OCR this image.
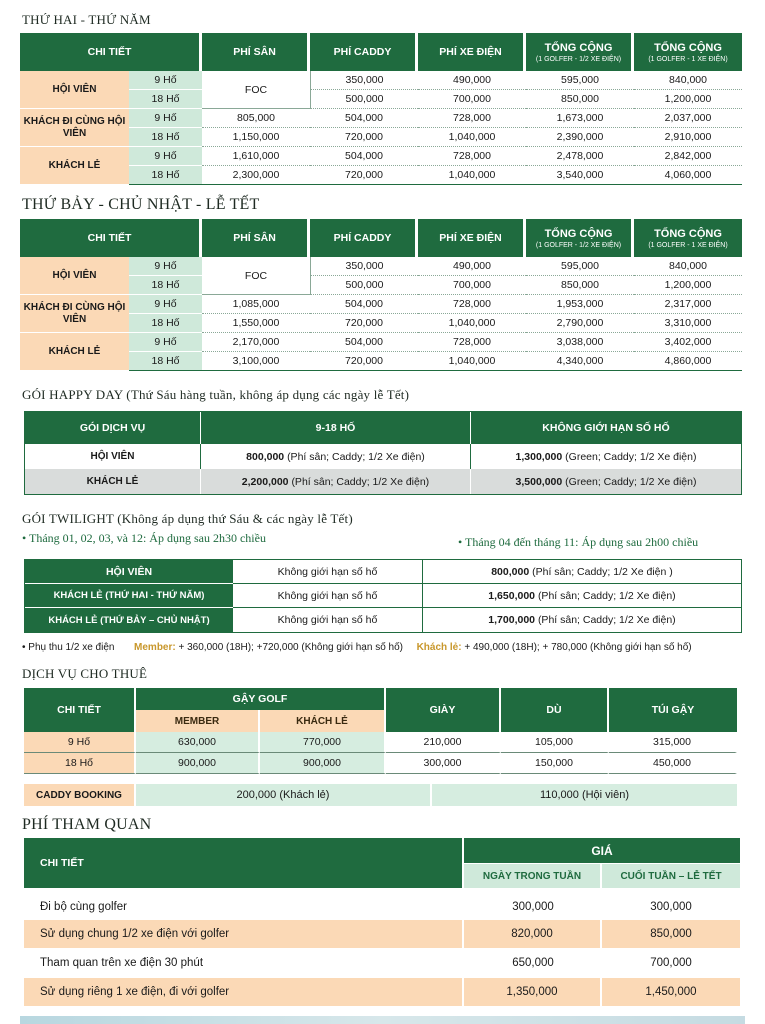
THỨ HAI - THỨ NĂM
CHI TIẾT		PHÍ SÂN	PHÍ CADDY	PHÍ XE ĐIỆN	TỔNG CỘNG
(1 GOLFER - 1/2 XE ĐIỆN)	TỔNG CỘNG
(1 GOLFER - 1 XE ĐIỆN)

HỘI VIÊN	9 Hố	FOC	350,000	490,000	595,000	840,000
	18 Hố		500,000	700,000	850,000	1,200,000
KHÁCH ĐI CÙNG HỘI VIÊN	9 Hố	805,000	504,000	728,000	1,673,000	2,037,000
	18 Hố	1,150,000	720,000	1,040,000	2,390,000	2,910,000
KHÁCH LẺ	9 Hố	1,610,000	504,000	728,000	2,478,000	2,842,000
	18 Hố	2,300,000	720,000	1,040,000	3,540,000	4,060,000
THỨ BẢY - CHỦ NHẬT - LỄ TẾT
CHI TIẾT		PHÍ SÂN	PHÍ CADDY	PHÍ XE ĐIỆN	TỔNG CỘNG
(1 GOLFER - 1/2 XE ĐIỆN)	TỔNG CỘNG
(1 GOLFER - 1 XE ĐIỆN)

HỘI VIÊN	9 Hố	FOC	350,000	490,000	595,000	840,000
	18 Hố		500,000	700,000	850,000	1,200,000
KHÁCH ĐI CÙNG HỘI VIÊN	9 Hố	1,085,000	504,000	728,000	1,953,000	2,317,000
	18 Hố	1,550,000	720,000	1,040,000	2,790,000	3,310,000
KHÁCH LẺ	9 Hố	2,170,000	504,000	728,000	3,038,000	3,402,000
	18 Hố	3,100,000	720,000	1,040,000	4,340,000	4,860,000
GÓI HAPPY DAY (Thứ Sáu hàng tuần, không áp dụng các ngày lễ Tết)
GÓI DỊCH VỤ	9-18 HỐ	KHÔNG GIỚI HẠN SỐ HỐ
HỘI VIÊN	800,000 (Phí sân; Caddy; 1/2 Xe điện)	1,300,000 (Green; Caddy; 1/2 Xe điện)
KHÁCH LẺ	2,200,000 (Phí sân; Caddy; 1/2 Xe điện)	3,500,000 (Green; Caddy; 1/2 Xe điện)
GÓI TWILIGHT (Không áp dụng thứ Sáu & các ngày lễ Tết)
• Tháng 01, 02, 03, và 12: Áp dụng sau 2h30 chiều	• Tháng 04 đến tháng 11: Áp dụng sau 2h00 chiều
HỘI VIÊN	Không giới hạn số hố	800,000 (Phí sân; Caddy; 1/2 Xe điện )
KHÁCH LẺ (THỨ HAI - THỨ NĂM)	Không giới hạn số hố	1,650,000 (Phí sân; Caddy; 1/2 Xe điện)
KHÁCH LẺ (THỨ BẢY – CHỦ NHẬT)	Không giới hạn số hố	1,700,000 (Phí sân; Caddy; 1/2 Xe điện)
• Phụ thu 1/2 xe điện Member: + 360,000 (18H); +720,000 (Không giới hạn số hố) Khách lẻ: + 490,000 (18H); + 780,000 (Không giới hạn số hố)
DỊCH VỤ CHO THUÊ
CHI TIẾT	GẬY GOLF		GIÀY	DÙ	TÚI GẬY
	MEMBER	KHÁCH LẺ			
9 Hố	630,000	770,000	210,000	105,000	315,000
18 Hố	900,000	900,000	300,000	150,000	450,000
CADDY BOOKING	200,000 (Khách lẻ)	110,000 (Hội viên)
PHÍ THAM QUAN
CHI TIẾT	GIÁ	
	NGÀY TRONG TUẦN	CUỐI TUẦN – LỄ TẾT

Đi bộ cùng golfer	300,000	300,000
Sử dụng chung 1/2 xe điện với golfer	820,000	850,000
Tham quan trên xe điện 30 phút	650,000	700,000
Sử dụng riêng 1 xe điện, đi với golfer	1,350,000	1,450,000
